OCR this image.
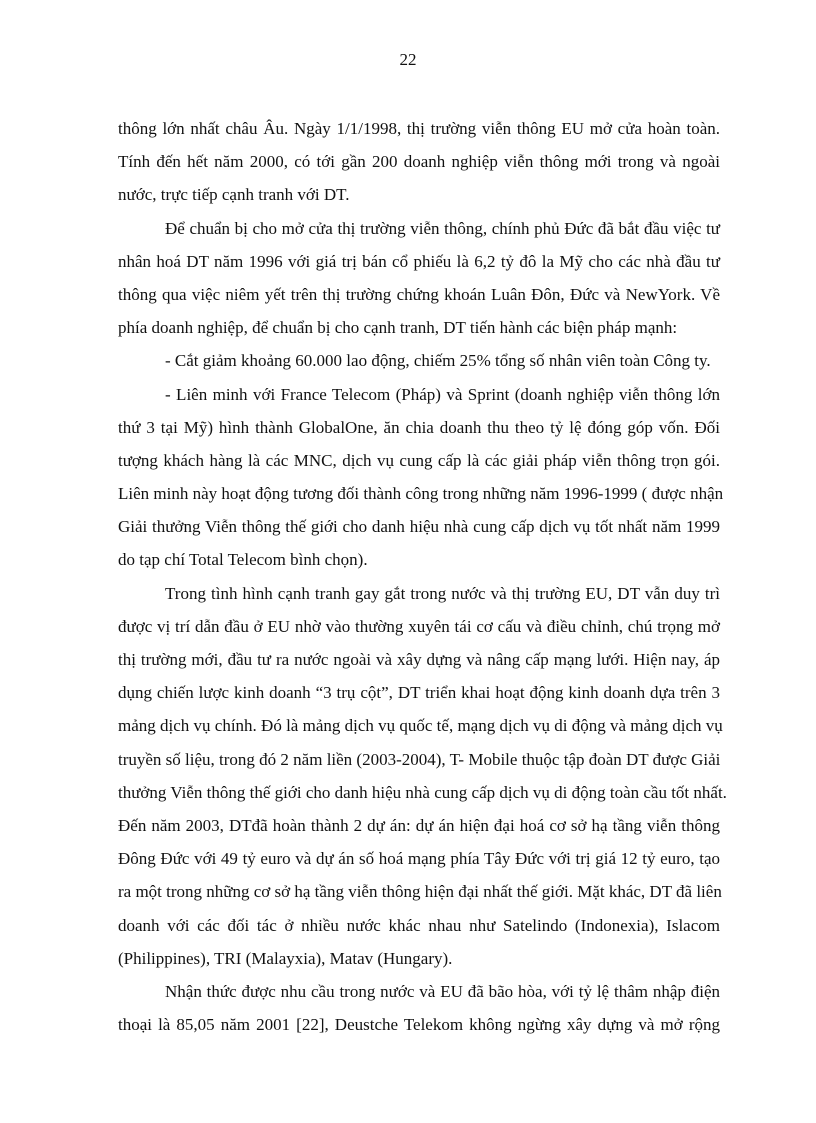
22
thông lớn nhất châu Âu. Ngày 1/1/1998, thị trường viễn thông EU mở cửa hoàn toàn.
Tính đến hết năm 2000, có tới gần 200 doanh nghiệp viễn thông mới trong và ngoài
nước, trực tiếp cạnh tranh với DT.
Để chuẩn bị cho mở cửa thị trường viễn thông, chính phủ Đức đã bắt đầu việc tư
nhân hoá DT năm 1996 với giá trị bán cổ phiếu là 6,2 tỷ đô la Mỹ cho các nhà đầu tư
thông qua việc niêm yết trên thị trường chứng khoán Luân Đôn, Đức và NewYork. Về
phía doanh nghiệp, để chuẩn bị cho cạnh tranh, DT tiến hành các biện pháp mạnh:
- Cắt giảm khoảng 60.000 lao động, chiếm 25% tổng số nhân viên toàn Công ty.
- Liên minh với France Telecom (Pháp) và Sprint (doanh nghiệp viễn thông lớn
thứ 3 tại Mỹ) hình thành GlobalOne, ăn chia doanh thu theo tỷ lệ đóng góp vốn. Đối
tượng khách hàng là các MNC, dịch vụ cung cấp là các giải pháp viễn thông trọn gói.
Liên minh này hoạt động tương đối thành công trong những năm 1996-1999 ( được nhận
Giải thưởng Viễn thông thế giới cho danh hiệu nhà cung cấp dịch vụ tốt nhất năm 1999
do tạp chí Total Telecom bình chọn).
Trong tình hình cạnh tranh gay gắt trong nước và thị trường EU, DT vẫn duy trì
được vị trí dẫn đầu ở EU nhờ vào thường xuyên tái cơ cấu và điều chỉnh, chú trọng mở
thị trường mới, đầu tư ra nước ngoài và xây dựng và nâng cấp mạng lưới. Hiện nay, áp
dụng chiến lược kinh doanh “3 trụ cột”, DT triển khai hoạt động kinh doanh dựa trên 3
mảng dịch vụ chính. Đó là mảng dịch vụ quốc tế, mạng dịch vụ di động và mảng dịch vụ
truyền số liệu, trong đó 2 năm liền (2003-2004), T- Mobile thuộc tập đoàn DT được Giải
thưởng Viễn thông thế giới cho danh hiệu nhà cung cấp dịch vụ di động toàn cầu tốt nhất.
Đến năm 2003, DTđã hoàn thành 2 dự án: dự án hiện đại hoá cơ sở hạ tầng viễn thông
Đông Đức với 49 tỷ euro và dự án số hoá mạng phía Tây Đức với trị giá 12 tỷ euro, tạo
ra một trong những cơ sở hạ tầng viễn thông hiện đại nhất thế giới. Mặt khác, DT đã liên
doanh với các đối tác ở nhiều nước khác nhau như Satelindo (Indonexia), Islacom
(Philippines), TRI (Malayxia), Matav (Hungary).
Nhận thức được nhu cầu trong nước và EU đã bão hòa, với tỷ lệ thâm nhập điện
thoại là 85,05 năm 2001 [22], Deustche Telekom không ngừng xây dựng và mở rộng
